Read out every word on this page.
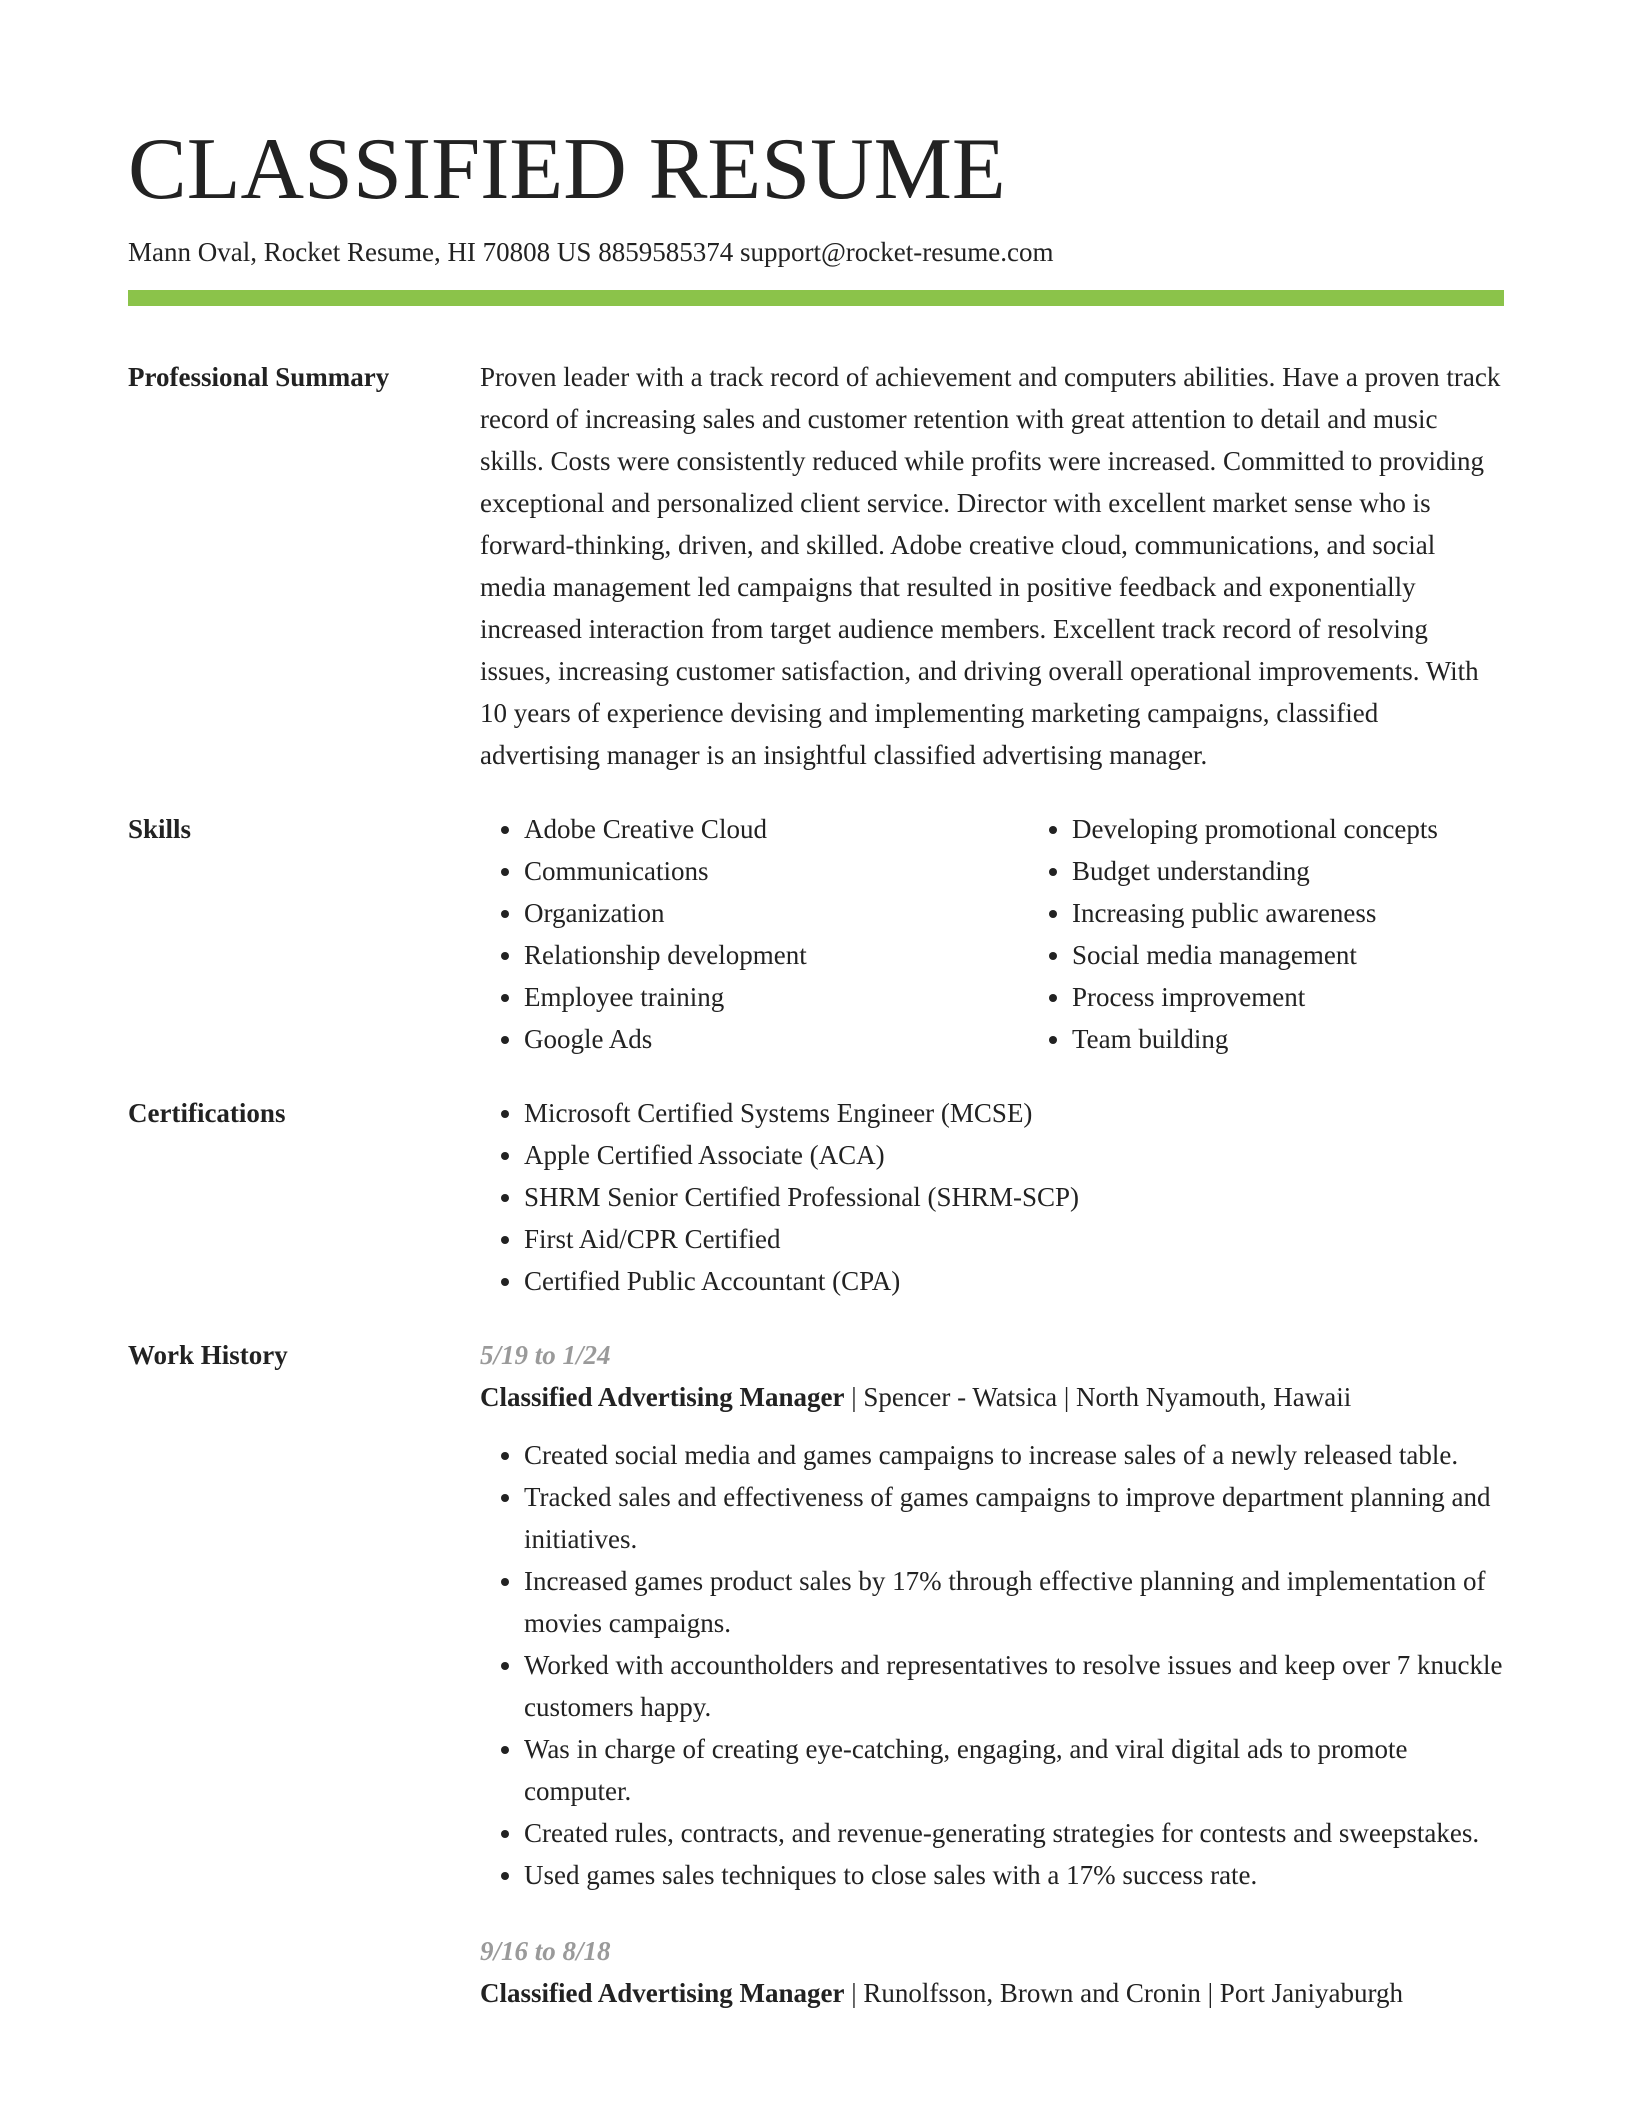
CLASSIFIED RESUME
Mann Oval, Rocket Resume, HI 70808 US 8859585374 support@rocket-resume.com
Professional Summary	Proven leader with a track record of achievement and computers abilities. Have a proven track record of increasing sales and customer retention with great attention to detail and music skills. Costs were consistently reduced while profits were increased. Committed to providing exceptional and personalized client service. Director with excellent market sense who is forward-thinking, driven, and skilled. Adobe creative cloud, communications, and social media management led campaigns that resulted in positive feedback and exponentially increased interaction from target audience members. Excellent track record of resolving issues, increasing customer satisfaction, and driving overall operational improvements. With 10 years of experience devising and implementing marketing campaigns, classified advertising manager is an insightful classified advertising manager.

Skills	• Adobe Creative Cloud
• Communications
• Organization
• Relationship development
• Employee training
• Google Ads
• Developing promotional concepts
• Budget understanding
• Increasing public awareness
• Social media management
• Process improvement
• Team building
Certifications	• Microsoft Certified Systems Engineer (MCSE)
• Apple Certified Associate (ACA)
• SHRM Senior Certified Professional (SHRM-SCP)
• First Aid/CPR Certified
• Certified Public Accountant (CPA)
Work History	5/19 to 1/24
Classified Advertising Manager | Spencer - Watsica | North Nyamouth, Hawaii
• Created social media and games campaigns to increase sales of a newly released table.
• Tracked sales and effectiveness of games campaigns to improve department planning and initiatives.
• Increased games product sales by 17% through effective planning and implementation of movies campaigns.
• Worked with accountholders and representatives to resolve issues and keep over 7 knuckle customers happy.
• Was in charge of creating eye-catching, engaging, and viral digital ads to promote computer.
• Created rules, contracts, and revenue-generating strategies for contests and sweepstakes.
• Used games sales techniques to close sales with a 17% success rate.
9/16 to 8/18
Classified Advertising Manager | Runolfsson, Brown and Cronin | Port Janiyaburgh
